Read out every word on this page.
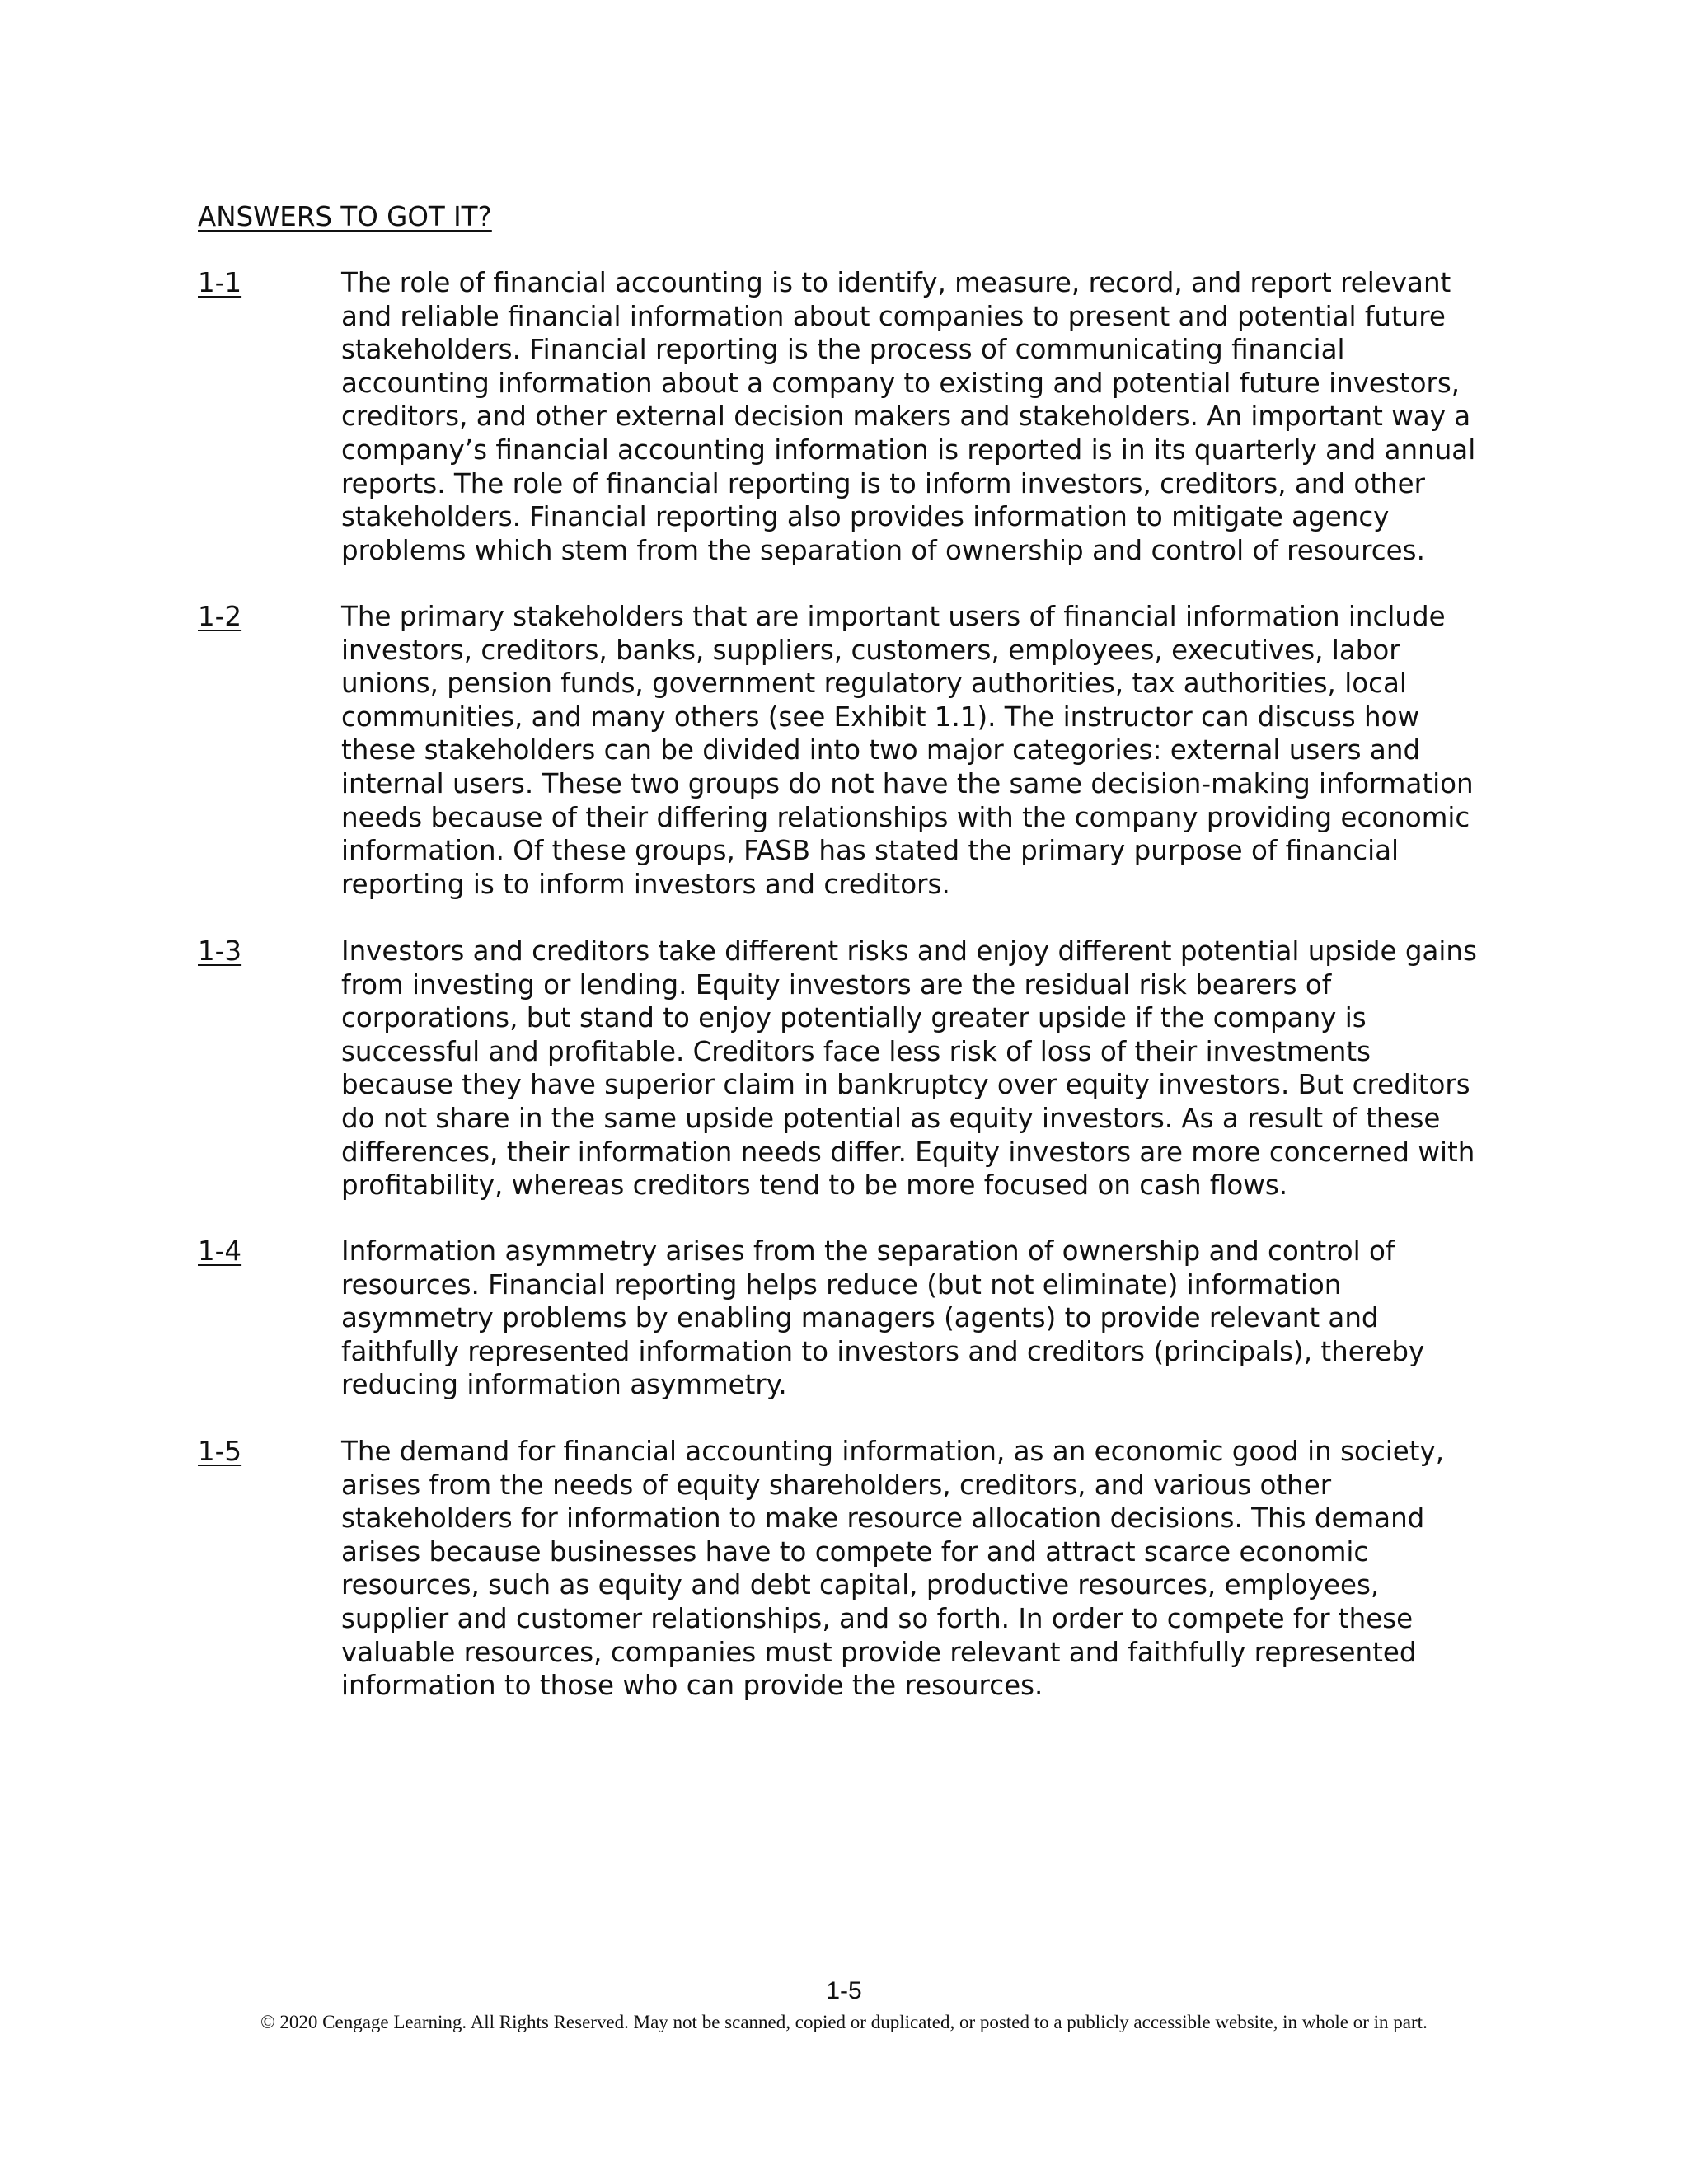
ANSWERS TO GOT IT?
1-1	The role of financial accounting is to identify, measure, record, and report relevant and reliable financial information about companies to present and potential future stakeholders. Financial reporting is the process of communicating financial accounting information about a company to existing and potential future investors, creditors, and other external decision makers and stakeholders. An important way a company’s financial accounting information is reported is in its quarterly and annual reports. The role of financial reporting is to inform investors, creditors, and other stakeholders. Financial reporting also provides information to mitigate agency problems which stem from the separation of ownership and control of resources.
1-2	The primary stakeholders that are important users of financial information include investors, creditors, banks, suppliers, customers, employees, executives, labor unions, pension funds, government regulatory authorities, tax authorities, local communities, and many others (see Exhibit 1.1). The instructor can discuss how these stakeholders can be divided into two major categories: external users and internal users. These two groups do not have the same decision-making information needs because of their differing relationships with the company providing economic information. Of these groups, FASB has stated the primary purpose of financial reporting is to inform investors and creditors.
1-3	Investors and creditors take different risks and enjoy different potential upside gains from investing or lending. Equity investors are the residual risk bearers of corporations, but stand to enjoy potentially greater upside if the company is successful and profitable. Creditors face less risk of loss of their investments because they have superior claim in bankruptcy over equity investors. But creditors do not share in the same upside potential as equity investors. As a result of these differences, their information needs differ. Equity investors are more concerned with profitability, whereas creditors tend to be more focused on cash flows.
1-4	Information asymmetry arises from the separation of ownership and control of resources. Financial reporting helps reduce (but not eliminate) information asymmetry problems by enabling managers (agents) to provide relevant and faithfully represented information to investors and creditors (principals), thereby reducing information asymmetry.
1-5	The demand for financial accounting information, as an economic good in society, arises from the needs of equity shareholders, creditors, and various other stakeholders for information to make resource allocation decisions. This demand arises because businesses have to compete for and attract scarce economic resources, such as equity and debt capital, productive resources, employees, supplier and customer relationships, and so forth. In order to compete for these valuable resources, companies must provide relevant and faithfully represented information to those who can provide the resources.
1-5
© 2020 Cengage Learning. All Rights Reserved. May not be scanned, copied or duplicated, or posted to a publicly accessible website, in whole or in part.
